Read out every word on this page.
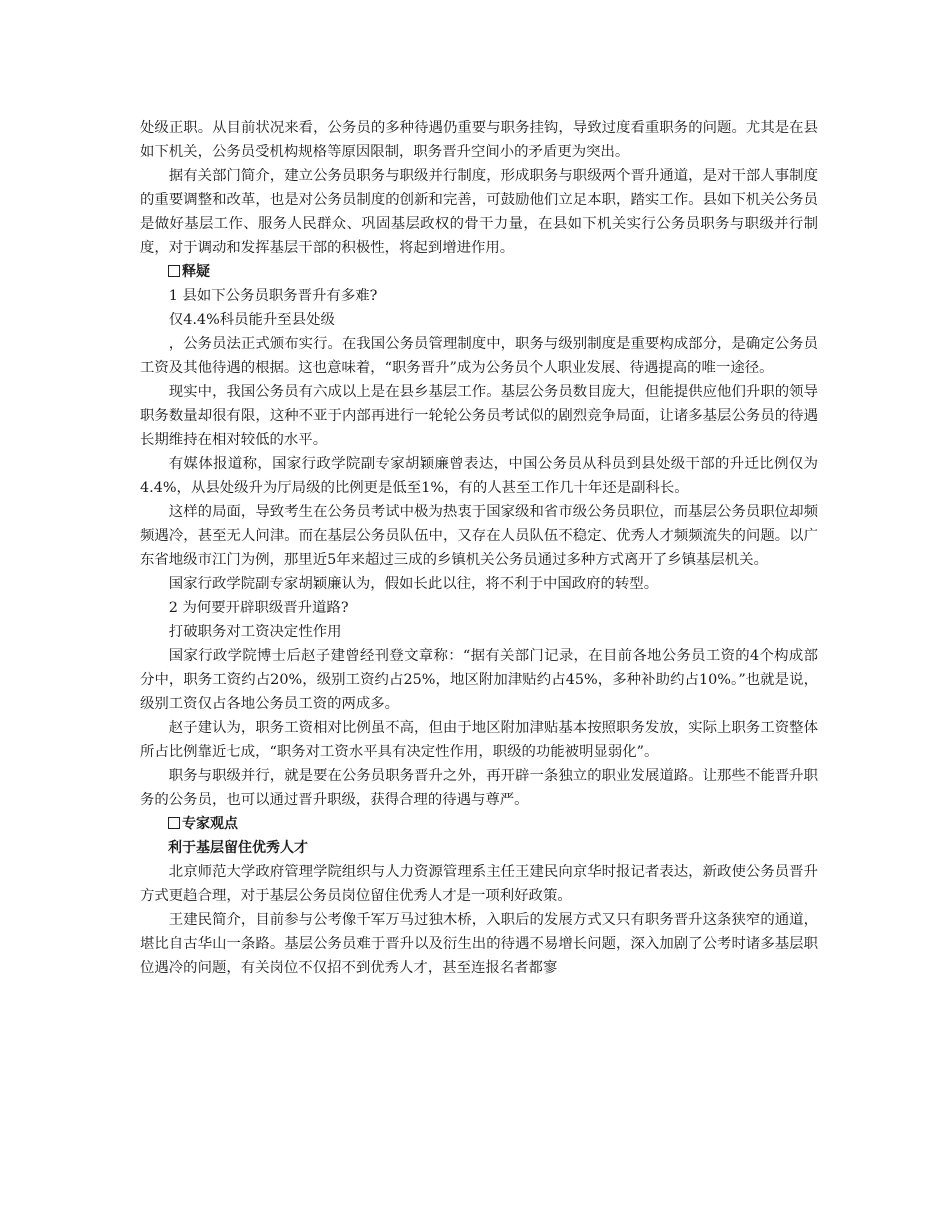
处级正职。从目前状况来看，公务员的多种待遇仍重要与职务挂钩，导致过度看重职务的问题。尤其是在县如下机关，公务员受机构规格等原因限制，职务晋升空间小的矛盾更为突出。

据有关部门简介，建立公务员职务与职级并行制度，形成职务与职级两个晋升通道，是对干部人事制度的重要调整和改革，也是对公务员制度的创新和完善，可鼓励他们立足本职，踏实工作。县如下机关公务员是做好基层工作、服务人民群众、巩固基层政权的骨干力量，在县如下机关实行公务员职务与职级并行制度，对于调动和发挥基层干部的积极性，将起到增进作用。

释疑

1 县如下公务员职务晋升有多难?

仅4.4%科员能升至县处级

，公务员法正式颁布实行。在我国公务员管理制度中，职务与级别制度是重要构成部分，是确定公务员工资及其他待遇的根据。这也意味着，“职务晋升”成为公务员个人职业发展、待遇提高的唯一途径。

现实中，我国公务员有六成以上是在县乡基层工作。基层公务员数目庞大，但能提供应他们升职的领导职务数量却很有限，这种不亚于内部再进行一轮轮公务员考试似的剧烈竞争局面，让诸多基层公务员的待遇长期维持在相对较低的水平。

有媒体报道称，国家行政学院副专家胡颖廉曾表达，中国公务员从科员到县处级干部的升迁比例仅为4.4%，从县处级升为厅局级的比例更是低至1%，有的人甚至工作几十年还是副科长。

这样的局面，导致考生在公务员考试中极为热衷于国家级和省市级公务员职位，而基层公务员职位却频频遇冷，甚至无人问津。而在基层公务员队伍中，又存在人员队伍不稳定、优秀人才频频流失的问题。以广东省地级市江门为例，那里近5年来超过三成的乡镇机关公务员通过多种方式离开了乡镇基层机关。

国家行政学院副专家胡颖廉认为，假如长此以往，将不利于中国政府的转型。

2 为何要开辟职级晋升道路?

打破职务对工资决定性作用

国家行政学院博士后赵子建曾经刊登文章称：“据有关部门记录，在目前各地公务员工资的4个构成部分中，职务工资约占20%，级别工资约占25%，地区附加津贴约占45%，多种补助约占10%。”也就是说，级别工资仅占各地公务员工资的两成多。

赵子建认为，职务工资相对比例虽不高，但由于地区附加津贴基本按照职务发放，实际上职务工资整体所占比例靠近七成，“职务对工资水平具有决定性作用，职级的功能被明显弱化”。

职务与职级并行，就是要在公务员职务晋升之外，再开辟一条独立的职业发展道路。让那些不能晋升职务的公务员，也可以通过晋升职级，获得合理的待遇与尊严。

专家观点

利于基层留住优秀人才

北京师范大学政府管理学院组织与人力资源管理系主任王建民向京华时报记者表达，新政使公务员晋升方式更趋合理，对于基层公务员岗位留住优秀人才是一项利好政策。

王建民简介，目前参与公考像千军万马过独木桥，入职后的发展方式又只有职务晋升这条狭窄的通道，堪比自古华山一条路。基层公务员难于晋升以及衍生出的待遇不易增长问题，深入加剧了公考时诸多基层职位遇冷的问题，有关岗位不仅招不到优秀人才，甚至连报名者都寥
